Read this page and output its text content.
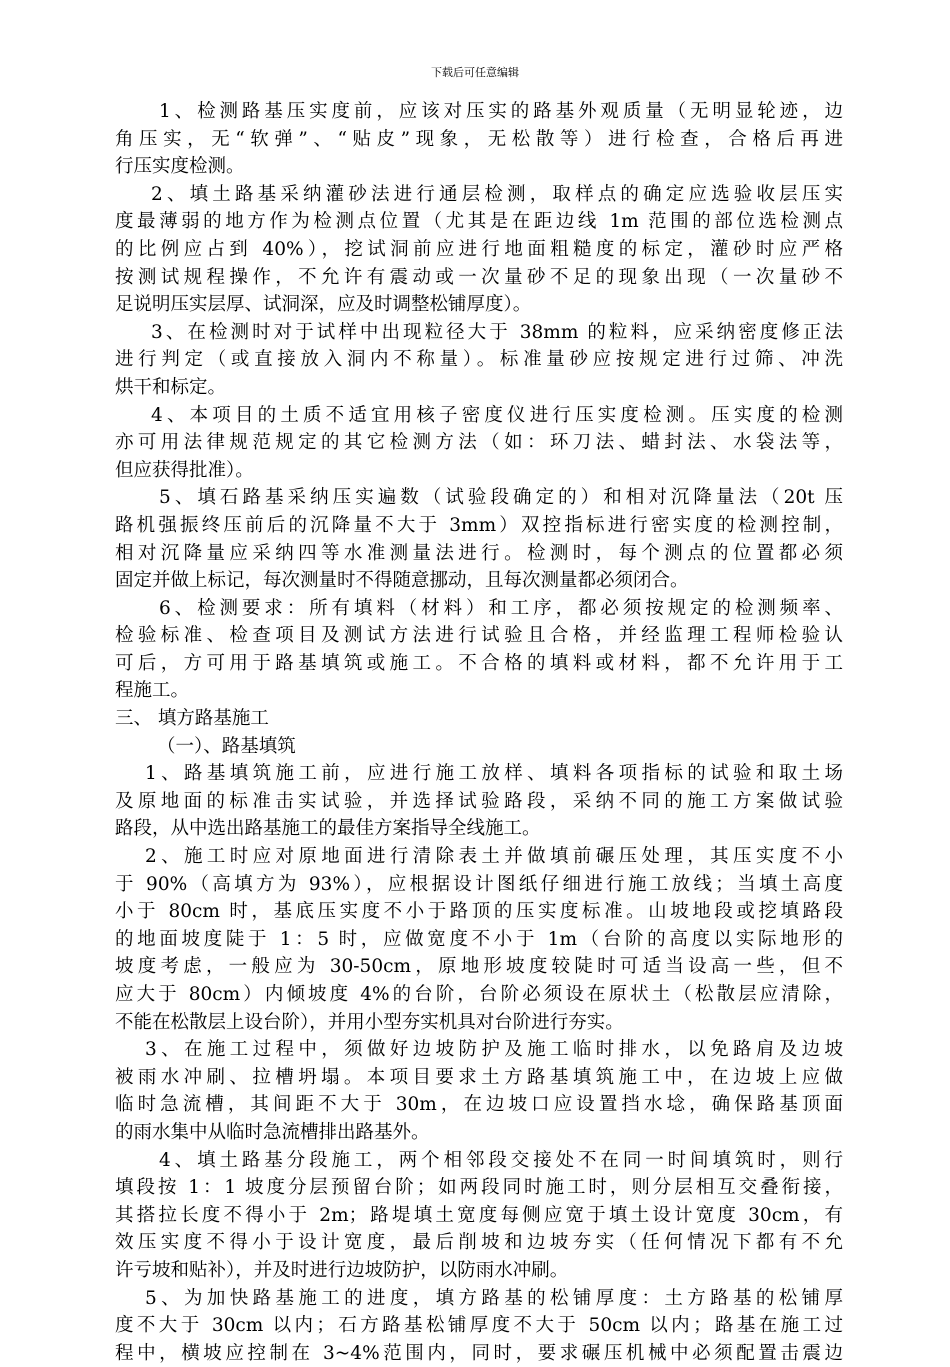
下载后可任意编辑
1、检测路基压实度前，应该对压实的路基外观质量（无明显轮迹，边
角压实，无“软弹”、“贴皮”现象，无松散等）进行检查，合格后再进
行压实度检测。
2、填土路基采纳灌砂法进行通层检测，取样点的确定应选验收层压实
度最薄弱的地方作为检测点位置（尤其是在距边线 1m 范围的部位选检测点
的比例应占到 40%），挖试洞前应进行地面粗糙度的标定，灌砂时应严格
按测试规程操作，不允许有震动或一次量砂不足的现象出现（一次量砂不
足说明压实层厚、试洞深，应及时调整松铺厚度）。
3、在检测时对于试样中出现粒径大于 38mm 的粒料，应采纳密度修正法
进行判定（或直接放入洞内不称量）。标准量砂应按规定进行过筛、冲洗
烘干和标定。
4、本项目的土质不适宜用核子密度仪进行压实度检测。压实度的检测
亦可用法律规范规定的其它检测方法（如：环刀法、蜡封法、水袋法等，
但应获得批准）。
5、填石路基采纳压实遍数（试验段确定的）和相对沉降量法（20t 压
路机强振终压前后的沉降量不大于 3mm）双控指标进行密实度的检测控制，
相对沉降量应采纳四等水准测量法进行。检测时，每个测点的位置都必须
固定并做上标记，每次测量时不得随意挪动，且每次测量都必须闭合。
6、检测要求：所有填料（材料）和工序，都必须按规定的检测频率、
检验标准、检查项目及测试方法进行试验且合格，并经监理工程师检验认
可后，方可用于路基填筑或施工。不合格的填料或材料，都不允许用于工
程施工。
三、 填方路基施工
（一）、路基填筑
1、路基填筑施工前，应进行施工放样、填料各项指标的试验和取土场
及原地面的标准击实试验，并选择试验路段，采纳不同的施工方案做试验
路段，从中选出路基施工的最佳方案指导全线施工。
2、施工时应对原地面进行清除表土并做填前碾压处理，其压实度不小
于 90%（高填方为 93%），应根据设计图纸仔细进行施工放线；当填土高度
小于 80cm 时，基底压实度不小于路顶的压实度标准。山坡地段或挖填路段
的地面坡度陡于 1：5 时，应做宽度不小于 1m（台阶的高度以实际地形的
坡度考虑，一般应为 30-50cm，原地形坡度较陡时可适当设高一些，但不
应大于 80cm）内倾坡度 4%的台阶，台阶必须设在原状土（松散层应清除，
不能在松散层上设台阶），并用小型夯实机具对台阶进行夯实。
3、在施工过程中，须做好边坡防护及施工临时排水，以免路肩及边坡
被雨水冲刷、拉槽坍塌。本项目要求土方路基填筑施工中，在边坡上应做
临时急流槽，其间距不大于 30m，在边坡口应设置挡水埝，确保路基顶面
的雨水集中从临时急流槽排出路基外。
4、填土路基分段施工，两个相邻段交接处不在同一时间填筑时，则行
填段按 1：1 坡度分层预留台阶；如两段同时施工时，则分层相互交叠衔接，
其搭拉长度不得小于 2m；路堤填土宽度每侧应宽于填土设计宽度 30cm，有
效压实度不得小于设计宽度，最后削坡和边坡夯实（任何情况下都有不允
许亏坡和贴补），并及时进行边坡防护，以防雨水冲刷。
5、为加快路基施工的进度，填方路基的松铺厚度：土方路基的松铺厚
度不大于 30cm 以内；石方路基松铺厚度不大于 50cm 以内；路基在施工过
程中，横坡应控制在 3~4%范围内，同时，要求碾压机械中必须配置击震边
